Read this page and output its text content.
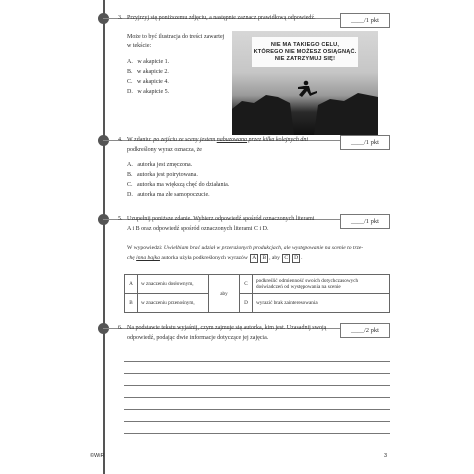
3. Przyjrzyj się poniższemu zdjęciu, a następnie zaznacz prawidłową odpowiedź.	____/1 pkt
Może to być ilustracja do treści zawartej
w tekście:
A. w akapicie 1.
B. w akapicie 2.
C. w akapicie 4.
D. w akapicie 5.
NIE MA TAKIEGO CELU,
KTÓREGO NIE MOŻESZ OSIĄGNĄĆ.
NIE ZATRZYMUJ SIĘ!
4. W zdaniu: po zejściu ze sceny jestem nabuzowana przez kilka kolejnych dni
podkreślony wyraz oznacza, że
____/1 pkt
A. autorka jest zmęczona.
B. autorka jest poirytowana.
C. autorka ma większą chęć do działania.
D. autorka ma złe samopoczucie.
5. Uzupełnij poniższe zdanie. Wybierz odpowiedź spośród oznaczonych literami
A i B oraz odpowiedź spośród oznaczonych literami C i D.
____/1 pkt
W wypowiedzi: Uwielbiam brać udział w przerażonych produkcjach, ale występowanie na scenie to trze-
chę inna bajka autorka użyła podkreślonych wyrazów A B , aby C D .
A	w znaczeniu dosłownym,	aby	C	podkreślić odmienność swoich dotychczasowych doświadczeń od występowania na scenie
B	w znaczeniu przenośnym,		D	wyrazić brak zainteresowania
6. Na podstawie tekstu wyjaśnij, czym zajmuje się autorka, kim jest. Uzasadnij swoją
odpowiedź, podając dwie informacje dotyczące jej zajęcia.
____/2 pkt
©WiR	3
